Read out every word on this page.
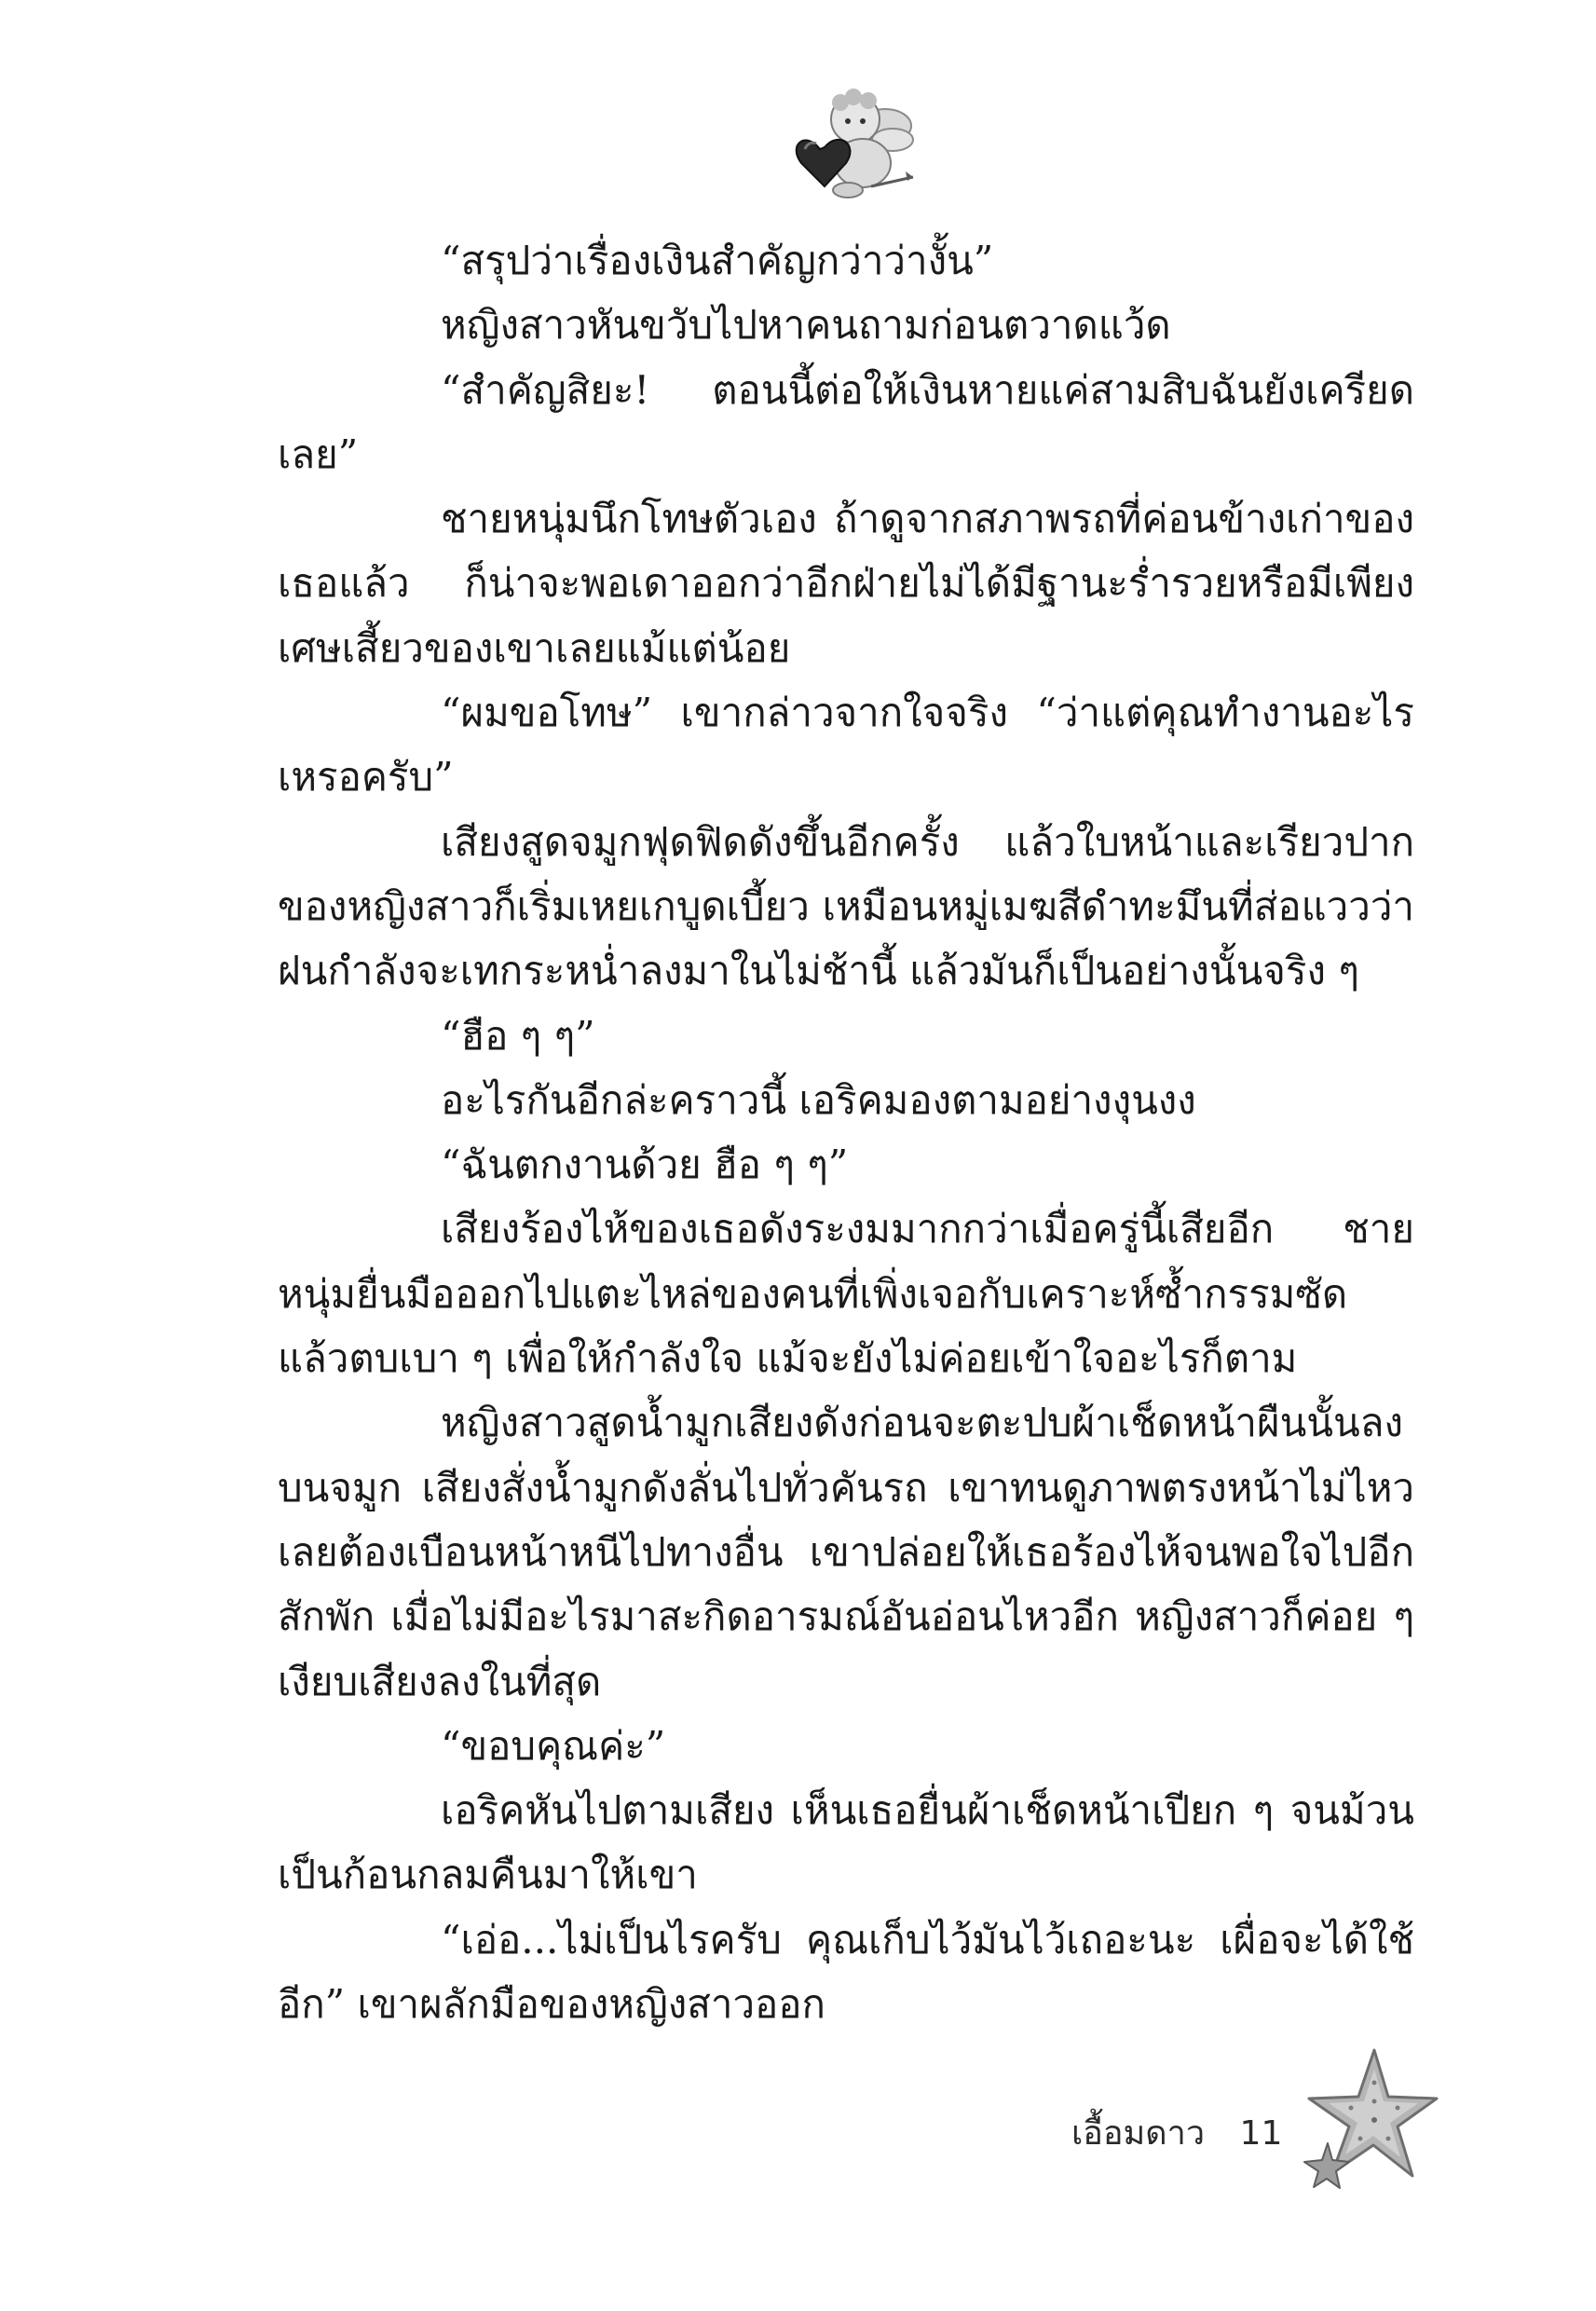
“สรุปว่าเรื่องเงินสำคัญกว่าว่างั้น”

หญิงสาวหันขวับไปหาคนถามก่อนตวาดแว้ด

“สำคัญสิยะ! ตอนนี้ต่อให้เงินหายแค่สามสิบฉันยังเครียดเลย”

ชายหนุ่มนึกโทษตัวเอง ถ้าดูจากสภาพรถที่ค่อนข้างเก่าของเธอแล้ว ก็น่าจะพอเดาออกว่าอีกฝ่ายไม่ได้มีฐานะร่ำรวยหรือมีเพียงเศษเสี้ยวของเขาเลยแม้แต่น้อย

“ผมขอโทษ” เขากล่าวจากใจจริง “ว่าแต่คุณทำงานอะไรเหรอครับ”

เสียงสูดจมูกฟุดฟิดดังขึ้นอีกครั้ง แล้วใบหน้าและเรียวปากของหญิงสาวก็เริ่มเหยเกบูดเบี้ยว เหมือนหมู่เมฆสีดำทะมึนที่ส่อแววว่าฝนกำลังจะเทกระหน่ำลงมาในไม่ช้านี้ แล้วมันก็เป็นอย่างนั้นจริง ๆ

“ฮือ ๆ ๆ”

อะไรกันอีกล่ะคราวนี้ เอริคมองตามอย่างงุนงง

“ฉันตกงานด้วย ฮือ ๆ ๆ”

เสียงร้องไห้ของเธอดังระงมมากกว่าเมื่อครู่นี้เสียอีก ชายหนุ่มยื่นมือออกไปแตะไหล่ของคนที่เพิ่งเจอกับเคราะห์ซ้ำกรรมซัดแล้วตบเบา ๆ เพื่อให้กำลังใจ แม้จะยังไม่ค่อยเข้าใจอะไรก็ตาม

หญิงสาวสูดน้ำมูกเสียงดังก่อนจะตะปบผ้าเช็ดหน้าผืนนั้นลงบนจมูก เสียงสั่งน้ำมูกดังลั่นไปทั่วคันรถ เขาทนดูภาพตรงหน้าไม่ไหวเลยต้องเบือนหน้าหนีไปทางอื่น เขาปล่อยให้เธอร้องไห้จนพอใจไปอีกสักพัก เมื่อไม่มีอะไรมาสะกิดอารมณ์อันอ่อนไหวอีก หญิงสาวก็ค่อย ๆ เงียบเสียงลงในที่สุด

“ขอบคุณค่ะ”

เอริคหันไปตามเสียง เห็นเธอยื่นผ้าเช็ดหน้าเปียก ๆ จนม้วนเป็นก้อนกลมคืนมาให้เขา

“เอ่อ...ไม่เป็นไรครับ คุณเก็บไว้มันไว้เถอะนะ เผื่อจะได้ใช้อีก” เขาผลักมือของหญิงสาวออก

เอื้อมดาว 11
